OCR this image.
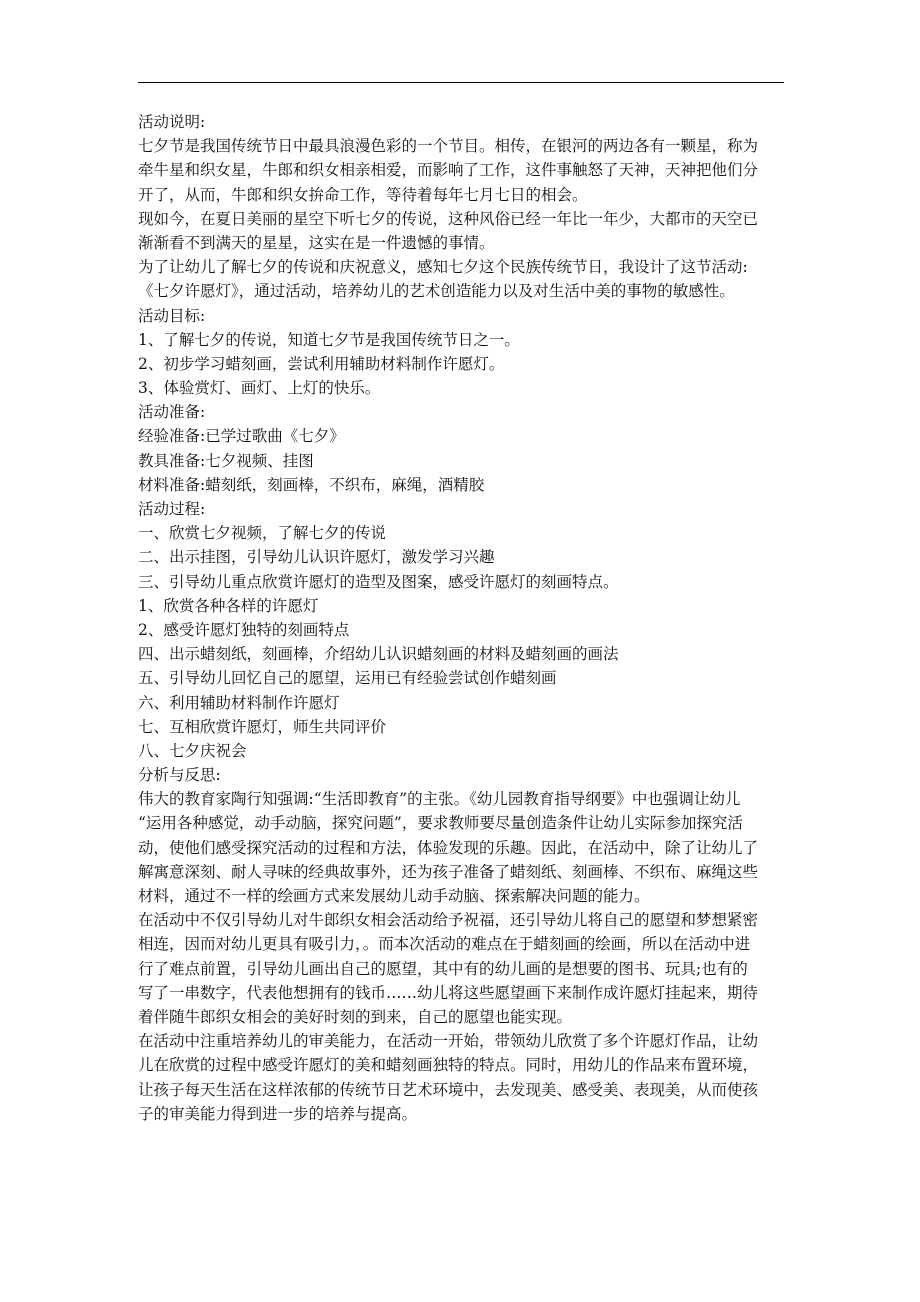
活动说明:
七夕节是我国传统节日中最具浪漫色彩的一个节目。相传，在银河的两边各有一颗星，称为
牵牛星和织女星，牛郎和织女相亲相爱，而影响了工作，这件事触怒了天神，天神把他们分
开了，从而，牛郎和织女拚命工作，等待着每年七月七日的相会。
现如今，在夏日美丽的星空下听七夕的传说，这种风俗已经一年比一年少，大都市的天空已
渐渐看不到满天的星星，这实在是一件遗憾的事情。
为了让幼儿了解七夕的传说和庆祝意义，感知七夕这个民族传统节日，我设计了这节活动:
《七夕许愿灯》，通过活动，培养幼儿的艺术创造能力以及对生活中美的事物的敏感性。
活动目标:
1、了解七夕的传说，知道七夕节是我国传统节日之一。
2、初步学习蜡刻画，尝试利用辅助材料制作许愿灯。
3、体验赏灯、画灯、上灯的快乐。
活动准备:
经验准备:已学过歌曲《七夕》
教具准备:七夕视频、挂图
材料准备:蜡刻纸，刻画棒，不织布，麻绳，酒精胶
活动过程:
一、欣赏七夕视频，了解七夕的传说
二、出示挂图，引导幼儿认识许愿灯，激发学习兴趣
三、引导幼儿重点欣赏许愿灯的造型及图案，感受许愿灯的刻画特点。
1、欣赏各种各样的许愿灯
2、感受许愿灯独特的刻画特点
四、出示蜡刻纸，刻画棒，介绍幼儿认识蜡刻画的材料及蜡刻画的画法
五、引导幼儿回忆自己的愿望，运用已有经验尝试创作蜡刻画
六、利用辅助材料制作许愿灯
七、互相欣赏许愿灯，师生共同评价
八、七夕庆祝会
分析与反思:
伟大的教育家陶行知强调:“生活即教育”的主张。《幼儿园教育指导纲要》中也强调让幼儿
“运用各种感觉，动手动脑，探究问题”，要求教师要尽量创造条件让幼儿实际参加探究活
动，使他们感受探究活动的过程和方法，体验发现的乐趣。因此，在活动中，除了让幼儿了
解寓意深刻、耐人寻味的经典故事外，还为孩子准备了蜡刻纸、刻画棒、不织布、麻绳这些
材料，通过不一样的绘画方式来发展幼儿动手动脑、探索解决问题的能力。
在活动中不仅引导幼儿对牛郎织女相会活动给予祝福，还引导幼儿将自己的愿望和梦想紧密
相连，因而对幼儿更具有吸引力，。而本次活动的难点在于蜡刻画的绘画，所以在活动中进
行了难点前置，引导幼儿画出自己的愿望，其中有的幼儿画的是想要的图书、玩具;也有的
写了一串数字，代表他想拥有的钱币……幼儿将这些愿望画下来制作成许愿灯挂起来，期待
着伴随牛郎织女相会的美好时刻的到来，自己的愿望也能实现。
在活动中注重培养幼儿的审美能力，在活动一开始，带领幼儿欣赏了多个许愿灯作品，让幼
儿在欣赏的过程中感受许愿灯的美和蜡刻画独特的特点。同时，用幼儿的作品来布置环境，
让孩子每天生活在这样浓郁的传统节日艺术环境中，去发现美、感受美、表现美，从而使孩
子的审美能力得到进一步的培养与提高。
